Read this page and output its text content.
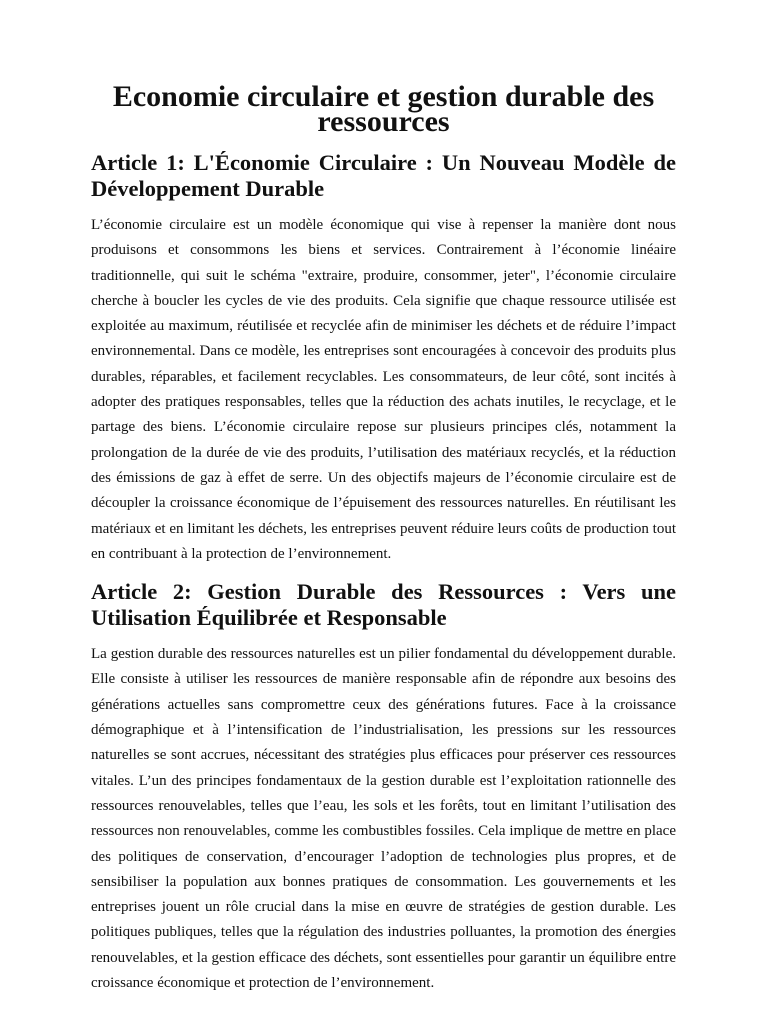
Economie circulaire et gestion durable des ressources
Article 1: L'Économie Circulaire : Un Nouveau Modèle de Développement Durable

L’économie circulaire est un modèle économique qui vise à repenser la manière dont nous produisons et consommons les biens et services. Contrairement à l’économie linéaire traditionnelle, qui suit le schéma "extraire, produire, consommer, jeter", l’économie circulaire cherche à boucler les cycles de vie des produits. Cela signifie que chaque ressource utilisée est exploitée au maximum, réutilisée et recyclée afin de minimiser les déchets et de réduire l’impact environnemental. Dans ce modèle, les entreprises sont encouragées à concevoir des produits plus durables, réparables, et facilement recyclables. Les consommateurs, de leur côté, sont incités à adopter des pratiques responsables, telles que la réduction des achats inutiles, le recyclage, et le partage des biens. L’économie circulaire repose sur plusieurs principes clés, notamment la prolongation de la durée de vie des produits, l’utilisation des matériaux recyclés, et la réduction des émissions de gaz à effet de serre. Un des objectifs majeurs de l’économie circulaire est de découpler la croissance économique de l’épuisement des ressources naturelles. En réutilisant les matériaux et en limitant les déchets, les entreprises peuvent réduire leurs coûts de production tout en contribuant à la protection de l’environnement.

Article 2: Gestion Durable des Ressources : Vers une Utilisation Équilibrée et Responsable

La gestion durable des ressources naturelles est un pilier fondamental du développement durable. Elle consiste à utiliser les ressources de manière responsable afin de répondre aux besoins des générations actuelles sans compromettre ceux des générations futures. Face à la croissance démographique et à l’intensification de l’industrialisation, les pressions sur les ressources naturelles se sont accrues, nécessitant des stratégies plus efficaces pour préserver ces ressources vitales. L’un des principes fondamentaux de la gestion durable est l’exploitation rationnelle des ressources renouvelables, telles que l’eau, les sols et les forêts, tout en limitant l’utilisation des ressources non renouvelables, comme les combustibles fossiles. Cela implique de mettre en place des politiques de conservation, d’encourager l’adoption de technologies plus propres, et de sensibiliser la population aux bonnes pratiques de consommation. Les gouvernements et les entreprises jouent un rôle crucial dans la mise en œuvre de stratégies de gestion durable. Les politiques publiques, telles que la régulation des industries polluantes, la promotion des énergies renouvelables, et la gestion efficace des déchets, sont essentielles pour garantir un équilibre entre croissance économique et protection de l’environnement.
